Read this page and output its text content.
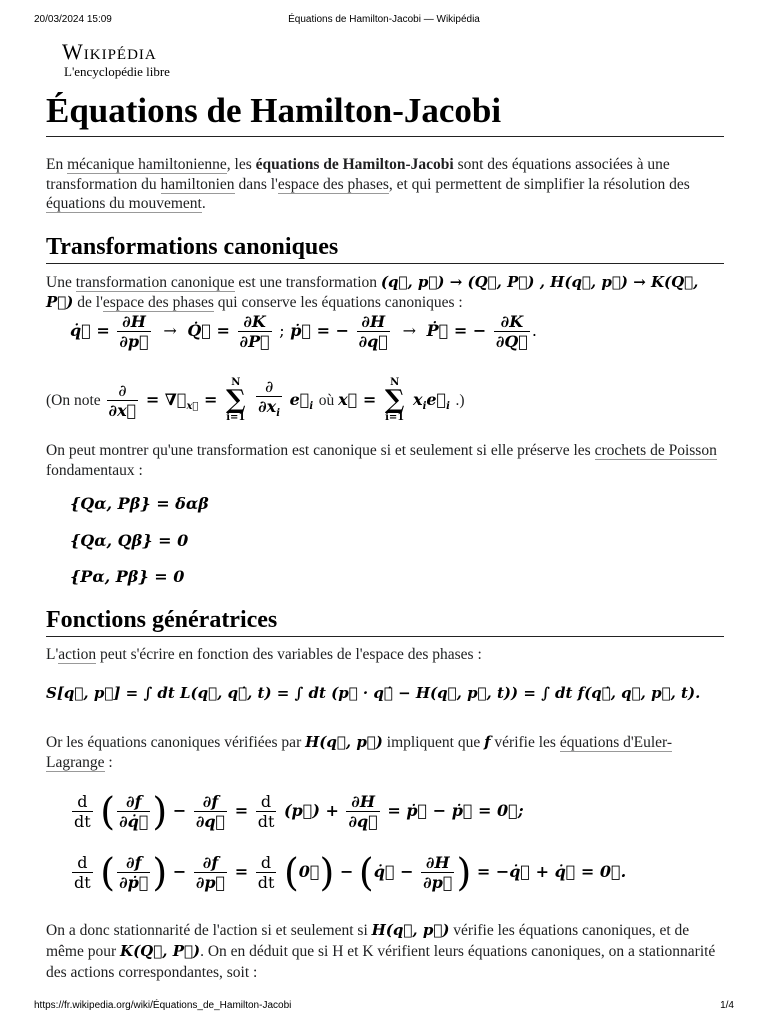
20/03/2024 15:09	Équations de Hamilton-Jacobi — Wikipédia
Wikipédia
L'encyclopédie libre
Équations de Hamilton-Jacobi

En mécanique hamiltonienne, les équations de Hamilton-Jacobi sont des équations associées à une transformation du hamiltonien dans l'espace des phases, et qui permettent de simplifier la résolution des équations du mouvement.

Transformations canoniques

Une transformation canonique est une transformation (q⃗, p⃗) → (Q⃗, P⃗) , H(q⃗, p⃗) → K(Q⃗, P⃗) de l'espace des phases qui conserve les équations canoniques :

q̇⃗ = $\frac{\partial H}{\partial p⃗}$ →  Q̇⃗ = $\frac{\partial K}{\partial P⃗}$ ; ṗ⃗ = − $\frac{\partial H}{\partial q⃗}$ →  Ṗ⃗ = − $\frac{\partial K}{\partial Q⃗}$ .
(On note $\frac{\partial}{\partial x⃗}$ = $\nabla⃗_{x⃗}$ =
N
∑
i=1
$\frac{\partial}{\partial x_i}$ $e⃗_i$ où x⃗ =
N
∑
i=1
$x_ie⃗_i$ .)

On peut montrer qu'une transformation est canonique si et seulement si elle préserve les crochets de Poisson fondamentaux :

{Qα, Pβ} = δαβ
{Qα, Qβ} = 0
{Pα, Pβ} = 0
Fonctions génératrices

L'action peut s'écrire en fonction des variables de l'espace des phases :

S[q⃗, p⃗] = ∫ dt L(q⃗, q⃗̇, t) = ∫ dt (p⃗ · q⃗̇ − H(q⃗, p⃗, t)) = ∫ dt f(q⃗̇, q⃗, p⃗, t).

Or les équations canoniques vérifiées par H(q⃗, p⃗) impliquent que f vérifie les équations d'Euler-Lagrange :

$\frac{d}{dt}$ ( $\frac{\partial f}{\partial q̇⃗}$ ) − $\frac{\partial f}{\partial q⃗} = \frac{d}{dt}$ (p⃗) + $\frac{\partial H}{\partial q⃗}$ = ṗ⃗ − ṗ⃗ = 0⃗;
$\frac{d}{dt}$ ( $\frac{\partial f}{\text{∂ṗ⃗}}$ ) − $\frac{\partial f}{\partial p⃗} = \frac{d}{dt}$ (0⃗) − (q̇⃗ − $\frac{\partial H}{\partial p⃗}$ ) = −q̇⃗ + q̇⃗ = 0⃗.

On a donc stationnarité de l'action si et seulement si H(q⃗, p⃗) vérifie les équations canoniques, et de même pour K(Q⃗, P⃗). On en déduit que si H et K vérifient leurs équations canoniques, on a stationnarité des actions correspondantes, soit :

https://fr.wikipedia.org/wiki/Équations_de_Hamilton-Jacobi	1/4
